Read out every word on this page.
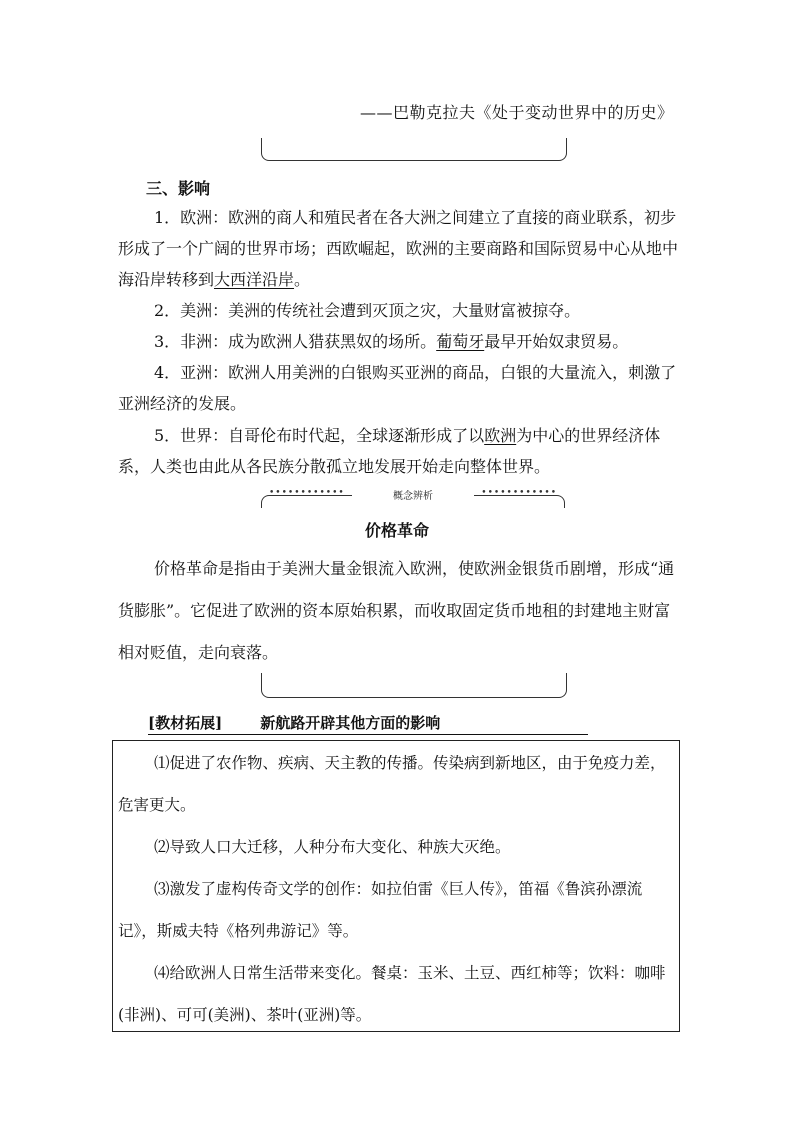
——巴勒克拉夫《处于变动世界中的历史》
三、影响
1．欧洲：欧洲的商人和殖民者在各大洲之间建立了直接的商业联系，初步形成了一个广阔的世界市场；西欧崛起，欧洲的主要商路和国际贸易中心从地中海沿岸转移到大西洋沿岸。
2．美洲：美洲的传统社会遭到灭顶之灾，大量财富被掠夺。
3．非洲：成为欧洲人猎获黑奴的场所。葡萄牙最早开始奴隶贸易。
4．亚洲：欧洲人用美洲的白银购买亚洲的商品，白银的大量流入，刺激了亚洲经济的发展。
5．世界：自哥伦布时代起，全球逐渐形成了以欧洲为中心的世界经济体系，人类也由此从各民族分散孤立地发展开始走向整体世界。
••••••••••••	••••••••••••
概念辨析
价格革命
价格革命是指由于美洲大量金银流入欧洲，使欧洲金银货币剧增，形成“通货膨胀”。它促进了欧洲的资本原始积累，而收取固定货币地租的封建地主财富相对贬值，走向衰落。
[教材拓展]	新航路开辟其他方面的影响
⑴促进了农作物、疾病、天主教的传播。传染病到新地区，由于免疫力差，危害更大。
⑵导致人口大迁移，人种分布大变化、种族大灭绝。
⑶激发了虚构传奇文学的创作：如拉伯雷《巨人传》，笛福《鲁滨孙漂流记》，斯威夫特《格列弗游记》等。
⑷给欧洲人日常生活带来变化。餐桌：玉米、土豆、西红柿等；饮料：咖啡(非洲)、可可(美洲)、茶叶(亚洲)等。
